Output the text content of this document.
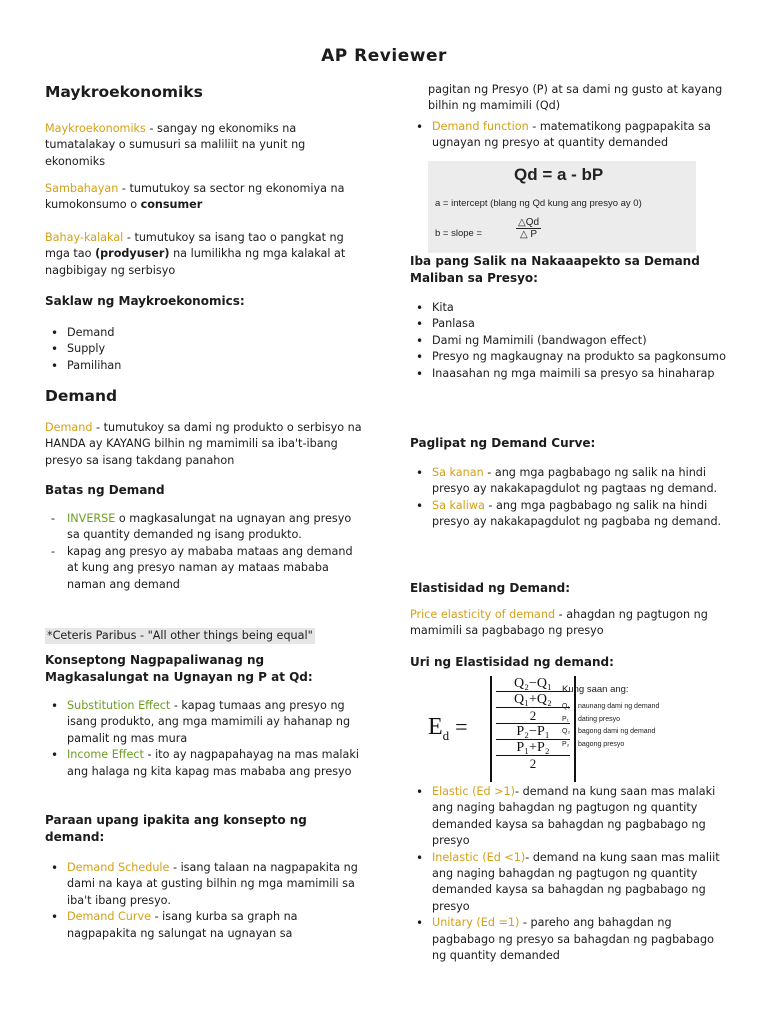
AP Reviewer
Maykroekonomiks
Maykroekonomiks - sangay ng ekonomiks na tumatalakay o sumusuri sa maliliit na yunit ng ekonomiks
Sambahayan - tumutukoy sa sector ng ekonomiya na kumokonsumo o consumer
Bahay-kalakal - tumutukoy sa isang tao o pangkat ng mga tao (prodyuser) na lumilikha ng mga kalakal at nagbibigay ng serbisyo
Saklaw ng Maykroekonomics:
• Demand
• Supply
• Pamilihan
Demand
Demand - tumutukoy sa dami ng produkto o serbisyo na HANDA ay KAYANG bilhin ng mamimili sa iba't-ibang presyo sa isang takdang panahon
Batas ng Demand
- INVERSE o magkasalungat na ugnayan ang presyo sa quantity demanded ng isang produkto.
- kapag ang presyo ay mababa mataas ang demand at kung ang presyo naman ay mataas mababa naman ang demand
*Ceteris Paribus - "All other things being equal"
Konseptong Nagpapaliwanag ng Magkasalungat na Ugnayan ng P at Qd:
• Substitution Effect - kapag tumaas ang presyo ng isang produkto, ang mga mamimili ay hahanap ng pamalit ng mas mura
• Income Effect - ito ay nagpapahayag na mas malaki ang halaga ng kita kapag mas mababa ang presyo
Paraan upang ipakita ang konsepto ng demand:
• Demand Schedule - isang talaan na nagpapakita ng dami na kaya at gusting bilhin ng mga mamimili sa iba't ibang presyo.
• Demand Curve - isang kurba sa graph na nagpapakita ng salungat na ugnayan sa
pagitan ng Presyo (P) at sa dami ng gusto at kayang bilhin ng mamimili (Qd)
• Demand function - matematikong pagpapakita sa ugnayan ng presyo at quantity demanded
Qd = a - bP
a = intercept (blang ng Qd kung ang presyo ay 0)
b = slope =	$\frac{\triangle Qd}{\triangle P}$
Iba pang Salik na Nakaaapekto sa Demand Maliban sa Presyo:
• Kita
• Panlasa
• Dami ng Mamimili (bandwagon effect)
• Presyo ng magkaugnay na produkto sa pagkonsumo
• Inaasahan ng mga maimili sa presyo sa hinaharap
Paglipat ng Demand Curve:
• Sa kanan - ang mga pagbabago ng salik na hindi presyo ay nakakapagdulot ng pagtaas ng demand.
• Sa kaliwa - ang mga pagbabago ng salik na hindi presyo ay nakakapagdulot ng pagbaba ng demand.
Elastisidad ng Demand:
Price elasticity of demand - ahagdan ng pagtugon ng mamimili sa pagbabago ng presyo
Uri ng Elastisidad ng demand:
$E_d$ =
Q₂−Q₁
Q₁+Q₂
2
P₂−P₁
P₁+P₂
2
Kung saan ang:
Q₁ naunang dami ng demand
P₁ dating presyo
Q₂ bagong dami ng demand
P₂ bagong presyo
• Elastic (Ed >1)- demand na kung saan mas malaki ang naging bahagdan ng pagtugon ng quantity demanded kaysa sa bahagdan ng pagbabago ng presyo
• Inelastic (Ed <1)- demand na kung saan mas maliit ang naging bahagdan ng pagtugon ng quantity demanded kaysa sa bahagdan ng pagbabago ng presyo
• Unitary (Ed =1) - pareho ang bahagdan ng pagbabago ng presyo sa bahagdan ng pagbabago ng quantity demanded
